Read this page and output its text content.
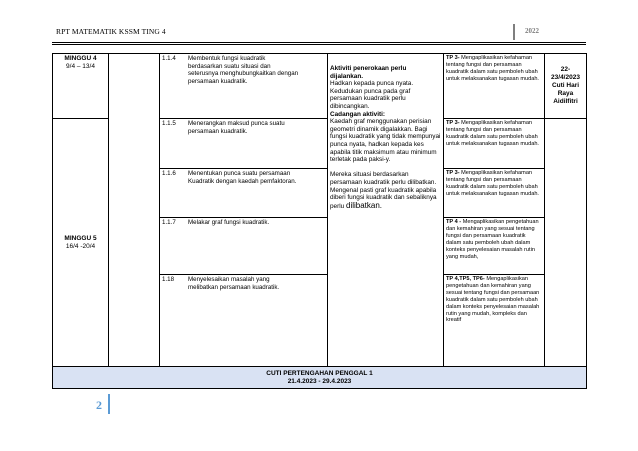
RPT MATEMATIK KSSM TING 4	2022
MINGGU 4
9/4 – 13/4		1.1.4 Membentuk fungsi kuadratik berdasarkan suatu situasi dan seterusnya menghubungkaitkan dengan persamaan kuadratik.	Aktiviti penerokaan perlu dijalankan.
Hadkan kepada punca nyata. Kedudukan punca pada graf persamaan kuadratik perlu dibincangkan.
Cadangan aktiviti:
Kaedah graf menggunakan perisian geometri dinamik digalakkan. Bagi fungsi kuadratik yang tidak mempunyai punca nyata, hadkan kepada kes apabila titik maksimum atau minimum terletak pada paksi-y.

Mereka situasi berdasarkan persamaan kuadratik perlu dilibatkan. Mengenal pasti graf kuadratik apabila diberi fungsi kuadratik dan sebaliknya perlu dilibatkan.	TP 3- Mengaplikasikan kefahaman tentang fungsi dan persamaan kuadratik dalam satu pemboleh ubah untuk melaksanakan tugasan mudah.	22-23/4/2023
Cuti Hari Raya Aidilfitri
MINGGU 5
16/4 -20/4		1.1.5 Menerangkan maksud punca suatu persamaan kuadratik.		TP 3- Mengaplikasikan kefahaman tentang fungsi dan persamaan kuadratik dalam satu pemboleh ubah untuk melaksanakan tugasan mudah.	
		1.1.6 Menentukan punca suatu persamaan Kuadratik dengan kaedah pemfaktoran.		TP 3- Mengaplikasikan kefahaman tentang fungsi dan persamaan kuadratik dalam satu pemboleh ubah untuk melaksanakan tugasan mudah.	
		1.1.7 Melakar graf fungsi kuadratik.		TP 4 - Mengaplikasikan pengetahuan dan kemahiran yang sesuai tentang fungsi dan persamaan kuadratik dalam satu pemboleh ubah dalam konteks penyelesaian masalah rutin yang mudah,	
		1.18 Menyelesaikan masalah yang melibatkan persamaan kuadratik.		TP 4,TP5, TP6- Mengaplikasikan pengetahuan dan kemahiran yang sesuai tentang fungsi dan persamaan kuadratik dalam satu pemboleh ubah dalam konteks penyelesaian masalah rutin yang mudah, kompleks dan kreatif	
CUTI PERTENGAHAN PENGGAL 1
21.4.2023 - 29.4.2023					
2
